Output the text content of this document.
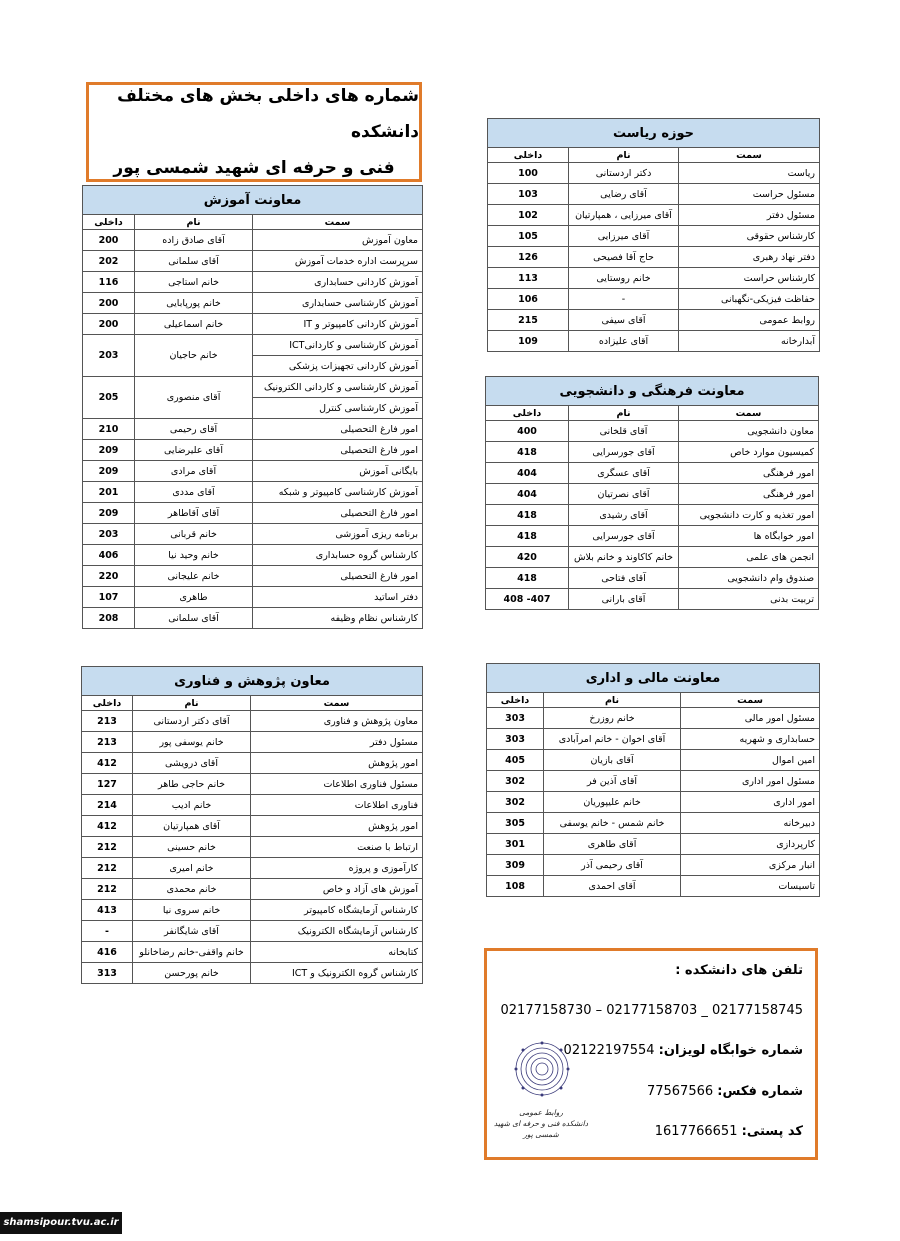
شماره های داخلی بخش های مختلف دانشکده
فنی و حرفه ای شهید شمسی پور
معاونت آموزش		
سمت	نام	داخلی
معاون آموزش	آقای صادق زاده	200
سرپرست اداره خدمات آموزش	آقای سلمانی	202
آموزش کاردانی حسابداری	خانم استاجی	116
آموزش کارشناسی حسابداری	خانم پورپابایی	200
آموزش کاردانی کامپیوتر و IT	خانم اسماعیلی	200
آموزش کارشناسی و کاردانیICT	خانم حاجیان	203
آموزش کاردانی تجهیزات پزشکی		
آموزش کارشناسی و کاردانی الکترونیک	آقای منصوری	205
آموزش کارشناسی کنترل		
امور فارغ التحصیلی	آقای رحیمی	210
امور فارغ التحصیلی	آقای علیرضایی	209
بایگانی آموزش	آقای مرادی	209
آموزش کارشناسی کامپیوتر و شبکه	آقای مددی	201
امور فارغ التحصیلی	آقای آقاطاهر	209
برنامه ریزی آموزشی	خانم قربانی	203
کارشناس گروه حسابداری	خانم وحید نیا	406
امور فارغ التحصیلی	خانم علیجانی	220
دفتر اساتید	طاهری	107
کارشناس نظام وظیفه	آقای سلمانی	208
حوزه ریاست		
سمت	نام	داخلی
ریاست	دکتر اردستانی	100
مسئول حراست	آقای رضایی	103
مسئول دفتر	آقای میرزایی ، همپارتیان	102
کارشناس حقوقی	آقای میرزایی	105
دفتر نهاد رهبری	حاج آقا فصیحی	126
کارشناس حراست	خانم روستایی	113
حفاظت فیزیکی-نگهبانی	-	106
روابط عمومی	آقای سیفی	215
آبدارخانه	آقای علیزاده	109
معاونت فرهنگی و دانشجویی		
سمت	نام	داخلی
معاون دانشجویی	آقای قلخانی	400
کمیسیون موارد خاص	آقای جورسرایی	418
امور فرهنگی	آقای عسگری	404
امور فرهنگی	آقای نصرتیان	404
امور تغذیه و کارت دانشجویی	آقای رشیدی	418
امور خوابگاه ها	آقای جورسرایی	418
انجمن های علمی	خانم کاکاوند و خانم بلاش	420
صندوق وام دانشجویی	آقای فتاحی	418
تربیت بدنی	آقای بارانی	407- 408
معاون پژوهش و فناوری		
سمت	نام	داخلی
معاون پژوهش و فناوری	آقای دکتر اردستانی	213
مسئول دفتر	خانم یوسفی پور	213
امور پژوهش	آقای درویشی	412
مسئول فناوری اطلاعات	خانم حاجی طاهر	127
فناوری اطلاعات	خانم ادیب	214
امور پژوهش	آقای همپارتیان	412
ارتباط با صنعت	خانم حسینی	212
کارآموزی و پروژه	خانم امیری	212
آموزش های آزاد و خاص	خانم محمدی	212
کارشناس آزمایشگاه کامپیوتر	خانم سروی نیا	413
کارشناس آزمایشگاه الکترونیک	آقای شایگانفر	-
کتابخانه	خانم واقفی-خانم رضاخانلو	416
کارشناس گروه الکترونیک و ICT	خانم پورحسن	313
معاونت مالی و اداری		
سمت	نام	داخلی
مسئول امور مالی	خانم روزرخ	303
حسابداری و شهریه	آقای اخوان - خانم امرآبادی	303
امین اموال	آقای بازیان	405
مسئول امور اداری	آقای آذین فر	302
امور اداری	خانم علیپوریان	302
دبیرخانه	خانم شمس - خانم یوسفی	305
کارپردازی	آقای طاهری	301
انبار مرکزی	آقای رحیمی آذر	309
تاسیسات	آقای احمدی	108
تلفن های دانشکده :
02177158730 – 02177158703 _ 02177158745
شماره خوابگاه لویزان: 02122197554
شماره فکس: 77567566
کد پستی: 1617766651
روابط عمومی
دانشکده فنی و حرفه ای شهید شمسی پور
shamsipour.tvu.ac.ir
